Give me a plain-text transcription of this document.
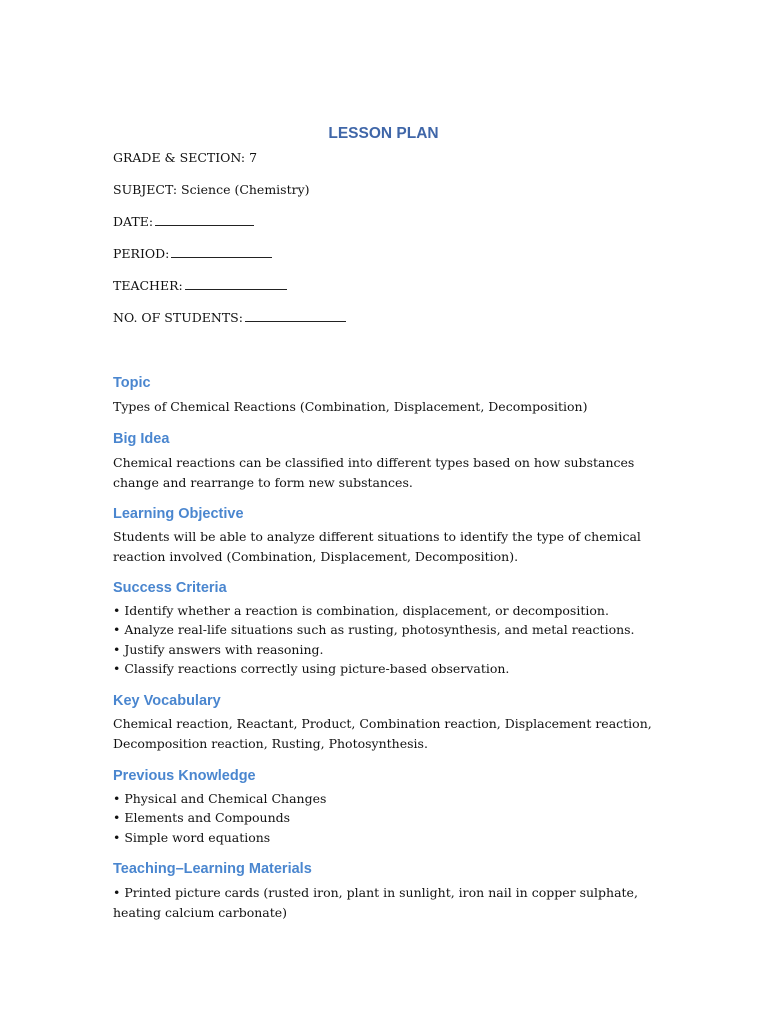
LESSON PLAN
GRADE & SECTION: 7
SUBJECT: Science (Chemistry)
DATE:
PERIOD:
TEACHER:
NO. OF STUDENTS:
Topic

Types of Chemical Reactions (Combination, Displacement, Decomposition)

Big Idea

Chemical reactions can be classified into different types based on how substances change and rearrange to form new substances.

Learning Objective

Students will be able to analyze different situations to identify the type of chemical reaction involved (Combination, Displacement, Decomposition).

Success Criteria
• Identify whether a reaction is combination, displacement, or decomposition.
• Analyze real-life situations such as rusting, photosynthesis, and metal reactions.
• Justify answers with reasoning.
• Classify reactions correctly using picture-based observation.
Key Vocabulary

Chemical reaction, Reactant, Product, Combination reaction, Displacement reaction, Decomposition reaction, Rusting, Photosynthesis.

Previous Knowledge
• Physical and Chemical Changes
• Elements and Compounds
• Simple word equations
Teaching–Learning Materials

• Printed picture cards (rusted iron, plant in sunlight, iron nail in copper sulphate, heating calcium carbonate)
